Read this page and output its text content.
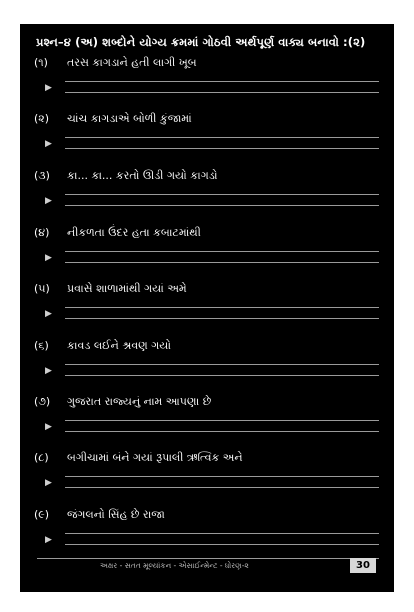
પ્રશ્ન–૪ (અ) શબ્દોને યોગ્ય ક્રમમાં ગોઠવી અર્થપૂર્ણ વાક્ય બનાવો :(૨)
(૧) તરસ કાગડાને હતી લાગી ખૂબ
▶
(૨) ચાંચ કાગડાએ બોળી કુંજામાં
▶
(૩) કા... કા... કરતો ઊડી ગયો કાગડો
▶
(૪) નીકળતા ઉંદર હતા કબાટમાંથી
▶
(૫) પ્રવાસે શાળામાંથી ગયાં અમે
▶
(૬) કાવડ લઈને શ્રવણ ગયો
▶
(૭) ગુજરાત રાજ્યનું નામ આપણા છે
▶
(૮) બગીચામાં બંને ગયાં રૂપાલી ઋત્વિક અને
▶
(૯) જંગલનો સિંહ છે રાજા
▶
અક્ષર - સતત મૂલ્યાંકન - એસાઈન્મેન્ટ - ધોરણ-૨	30
